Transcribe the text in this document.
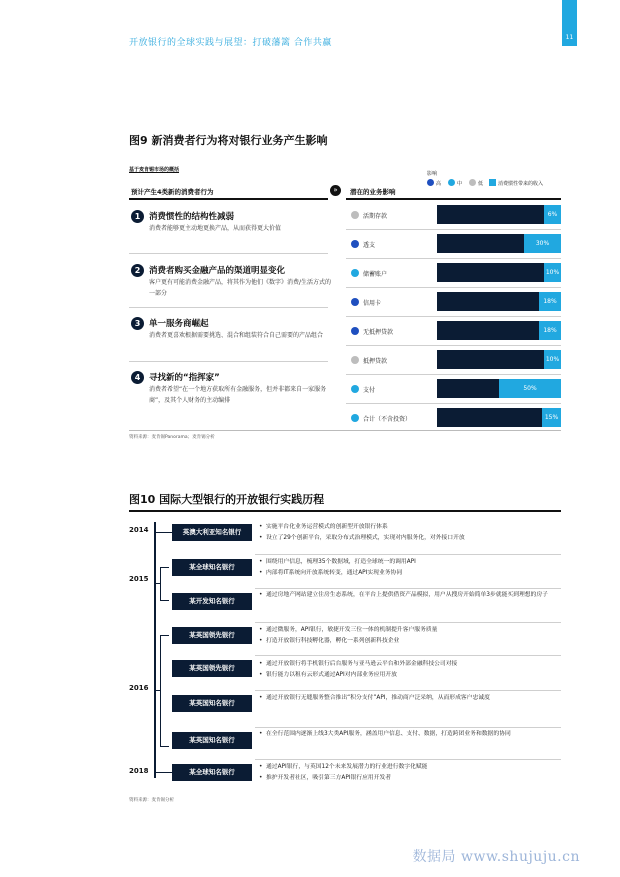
开放银行的全球实践与展望：打破藩篱 合作共赢
11
图9 新消费者行为将对银行业务产生影响
基于麦肯锡市场的概括
影响
高	中	低	消费惯性带来的收入
预计产生4类新的消费者行为	»	潜在的业务影响
1	消费惯性的结构性减弱
消费者能够更主动地更换产品，从而获得更大价值
2	消费者购买金融产品的渠道明显变化
客户更有可能消费金融产品，将其作为他们《数字》消费/生活方式的一部分
3	单一服务商崛起
消费者更喜欢根据需要挑选、混合和组装符合自己需要的产品组合
4	寻找新的“指挥家”
消费者希望“在一个地方获取所有金融服务，但并非都来自一家服务商”，及其个人财务的主动编排
活期存款	6%
透支	30%
储蓄账户	10%
信用卡	18%
无抵押贷款	18%
抵押贷款	10%
支付	50%
合计（不含投资）	15%
资料来源：麦肯锡Panorama；麦肯锡分析
图10 国际大型银行的开放银行实践历程
2014
2015
2016
2018
英澳大利亚知名银行
• 实施平台化业务运营模式的创新型开放银行体系
• 设立了29个创新平台，采取分布式治理模式，实现对内服务化，对外接口开放
某全球知名银行
• 围绕用户信息，梳理35个数据域，打造全球统一的调用API
• 内部将IT系统向开放系统转变，通过API实现业务协同
某开发知名银行
• 通过房地产网站建立住房生态系统，在平台上提供借资产品模拟，用户从搜房开始简单3步就能买到理想的房子
某英国领先银行
• 通过微服务，API银行，敏捷开发三位一体的机制提升客户服务质量
• 打造开放银行科技孵化器，孵化一系列创新科技企业
某英国领先银行
•	通过开放银行将手机银行后台服务与亚马逊云平台和外部金融科技公司对接
• 银行能力以租有云形式通过API对内部业务应用开放
某英国知名银行
• 通过开放银行无缝服务整合推出“积分支付”API，推动商户泛采纳，从而形成客户忠诚度
某英国知名银行
• 在全行范围内逐渐上线3大类API服务，涵盖用户信息、支付、数据，打造跨团业务和数据的协同
某全球知名银行
• 通过API银行，与英国12个未来发展潜力的行业进行数字化赋能
• 推护开发者社区，吸引第三方API银行应用开发者
资料来源：麦肯锡分析
数据局 www.shujuju.cn
